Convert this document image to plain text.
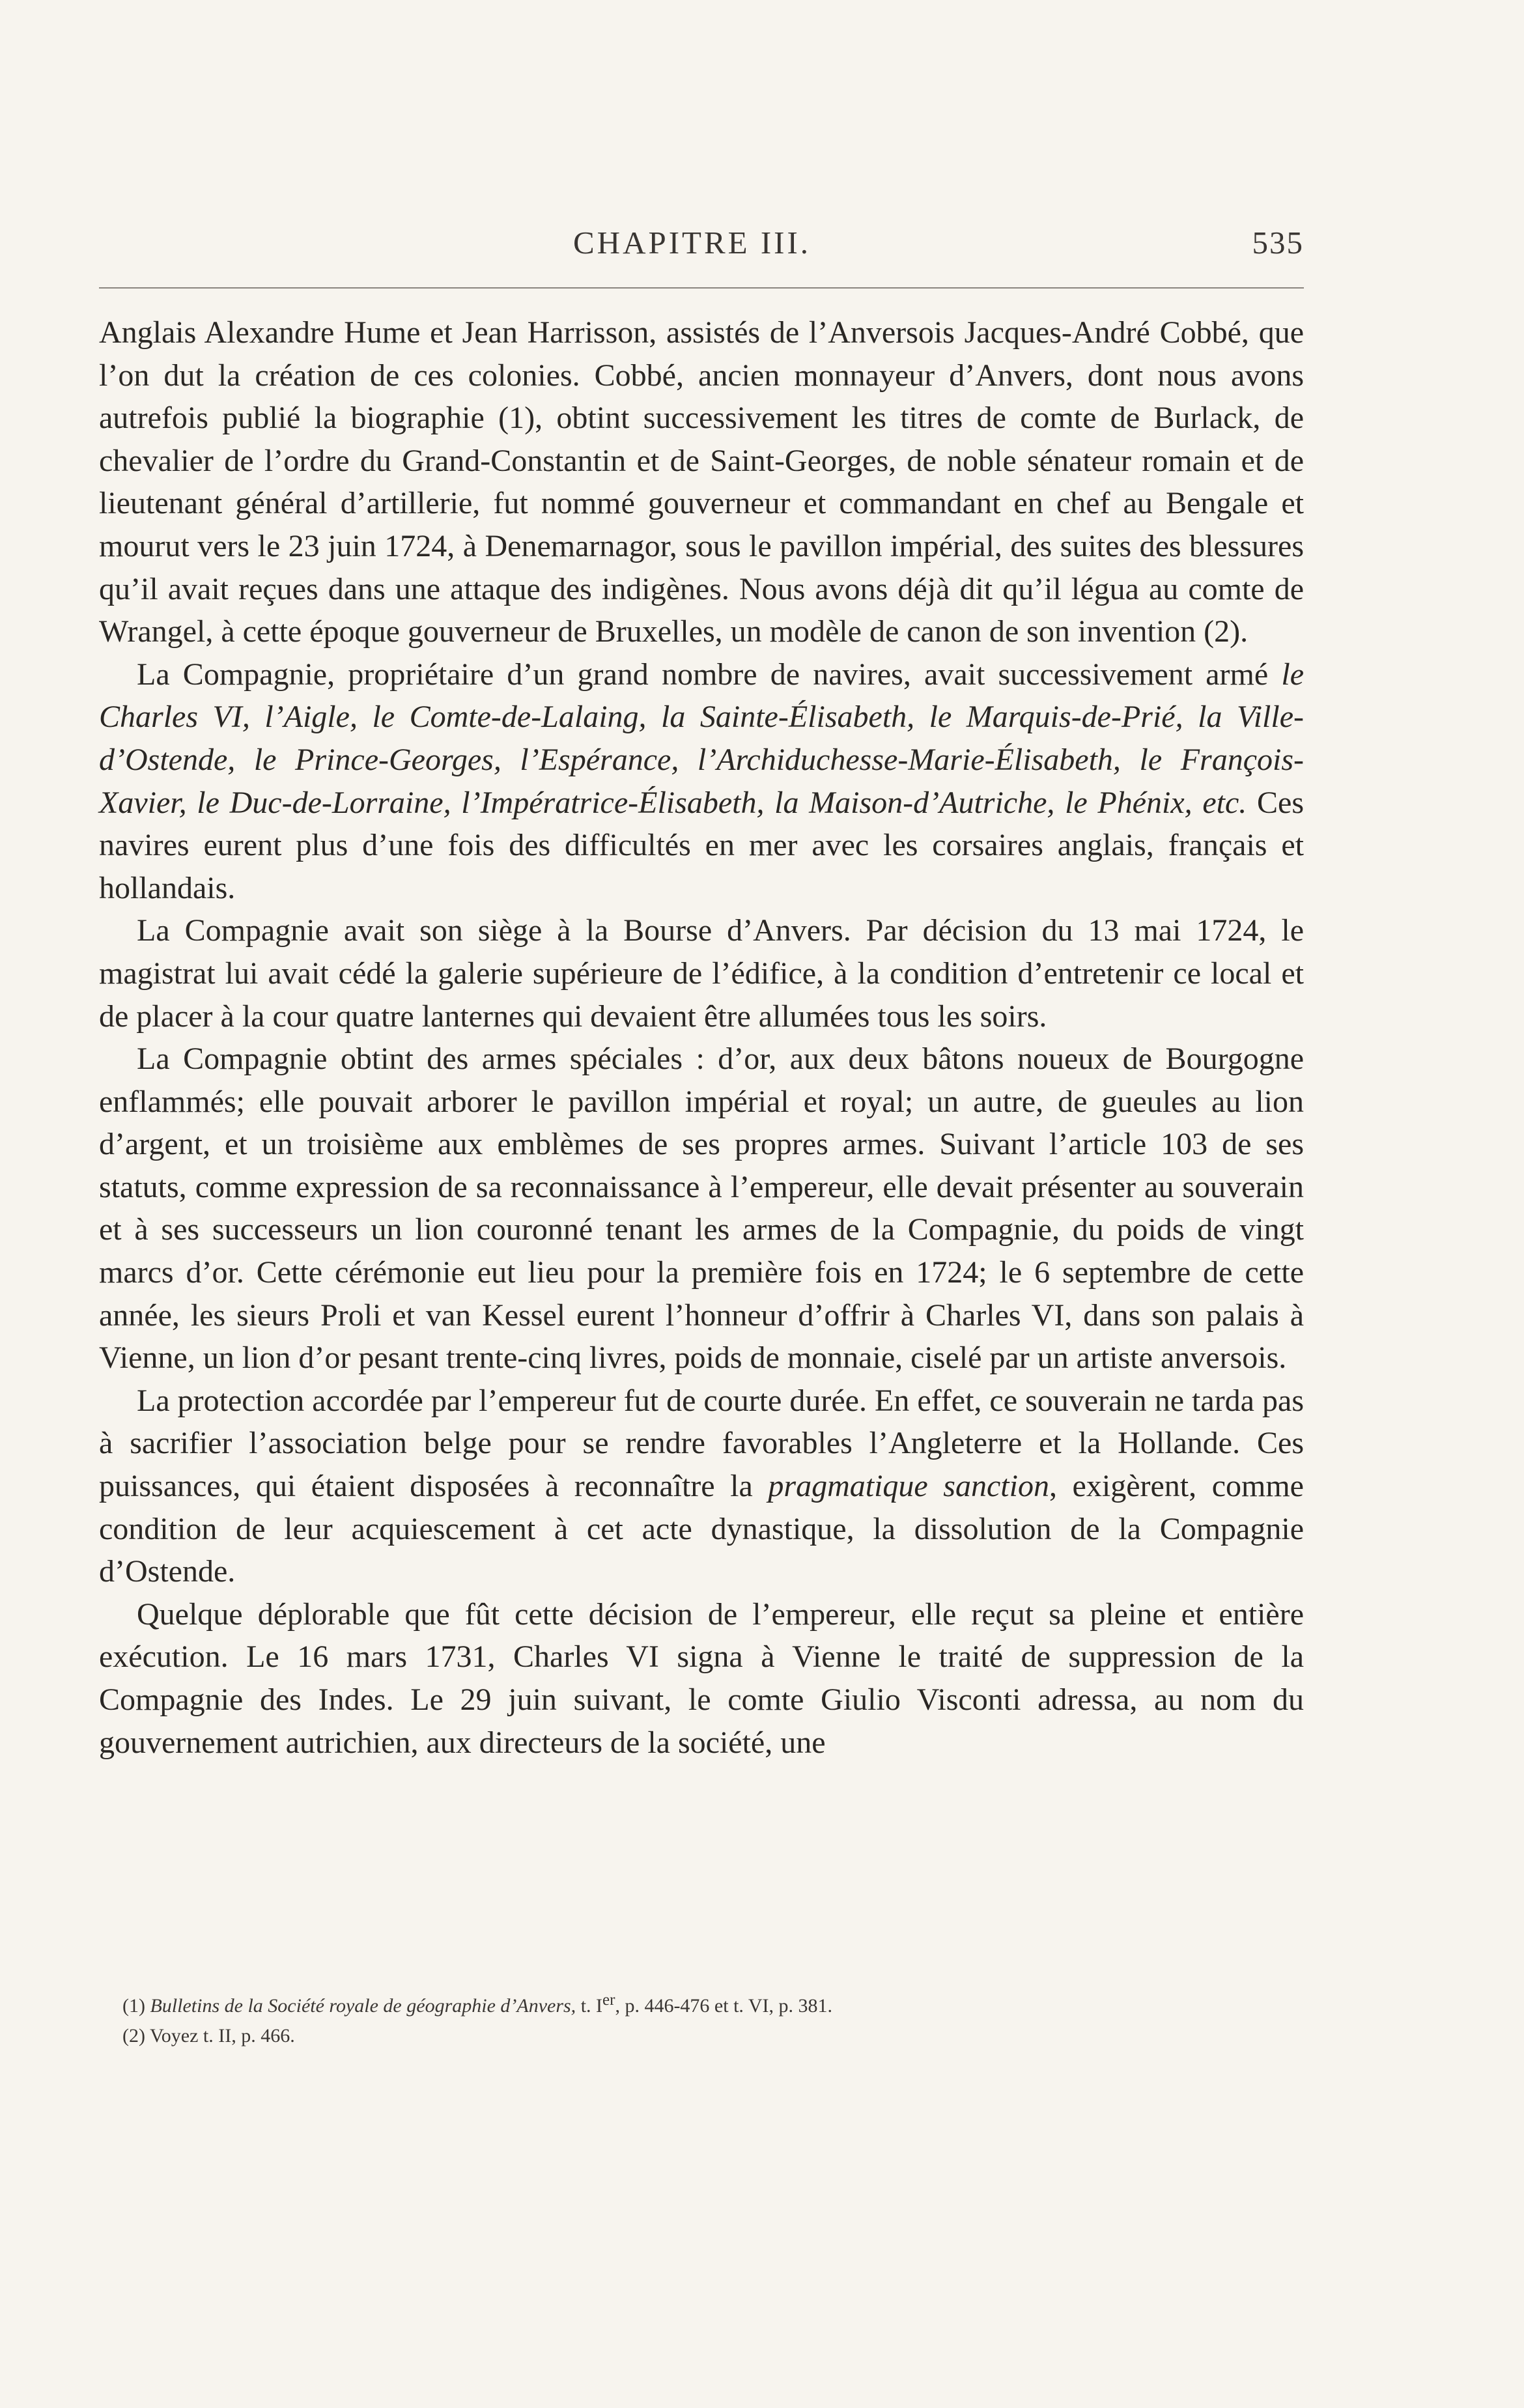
CHAPITRE III.	535

Anglais Alexandre Hume et Jean Harrisson, assistés de l’Anversois Jacques-André Cobbé, que l’on dut la création de ces colonies. Cobbé, ancien monnayeur d’Anvers, dont nous avons autrefois publié la biographie (1), obtint successivement les titres de comte de Burlack, de chevalier de l’ordre du Grand-Constantin et de Saint-Georges, de noble sénateur romain et de lieutenant général d’artillerie, fut nommé gouverneur et commandant en chef au Bengale et mourut vers le 23 juin 1724, à Denemarnagor, sous le pavillon impérial, des suites des blessures qu’il avait reçues dans une attaque des indigènes. Nous avons déjà dit qu’il légua au comte de Wrangel, à cette époque gouverneur de Bruxelles, un modèle de canon de son invention (2).

La Compagnie, propriétaire d’un grand nombre de navires, avait successivement armé le Charles VI, l’Aigle, le Comte-de-Lalaing, la Sainte-Élisabeth, le Marquis-de-Prié, la Ville-d’Ostende, le Prince-Georges, l’Espérance, l’Archiduchesse-Marie-Élisabeth, le François-Xavier, le Duc-de-Lorraine, l’Impératrice-Élisabeth, la Maison-d’Autriche, le Phénix, etc. Ces navires eurent plus d’une fois des difficultés en mer avec les corsaires anglais, français et hollandais.

La Compagnie avait son siège à la Bourse d’Anvers. Par décision du 13 mai 1724, le magistrat lui avait cédé la galerie supérieure de l’édifice, à la condition d’entretenir ce local et de placer à la cour quatre lanternes qui devaient être allumées tous les soirs.

La Compagnie obtint des armes spéciales : d’or, aux deux bâtons noueux de Bourgogne enflammés; elle pouvait arborer le pavillon impérial et royal; un autre, de gueules au lion d’argent, et un troisième aux emblèmes de ses propres armes. Suivant l’article 103 de ses statuts, comme expression de sa reconnaissance à l’empereur, elle devait présenter au souverain et à ses successeurs un lion couronné tenant les armes de la Compagnie, du poids de vingt marcs d’or. Cette cérémonie eut lieu pour la première fois en 1724; le 6 septembre de cette année, les sieurs Proli et van Kessel eurent l’honneur d’offrir à Charles VI, dans son palais à Vienne, un lion d’or pesant trente-cinq livres, poids de monnaie, ciselé par un artiste anversois.

La protection accordée par l’empereur fut de courte durée. En effet, ce souverain ne tarda pas à sacrifier l’association belge pour se rendre favorables l’Angleterre et la Hollande. Ces puissances, qui étaient disposées à reconnaître la pragmatique sanction, exigèrent, comme condition de leur acquiescement à cet acte dynastique, la dissolution de la Compagnie d’Ostende.

Quelque déplorable que fût cette décision de l’empereur, elle reçut sa pleine et entière exécution. Le 16 mars 1731, Charles VI signa à Vienne le traité de suppression de la Compagnie des Indes. Le 29 juin suivant, le comte Giulio Visconti adressa, au nom du gouvernement autrichien, aux directeurs de la société, une

(1) Bulletins de la Société royale de géographie d’Anvers, t. Ier, p. 446-476 et t. VI, p. 381.
(2) Voyez t. II, p. 466.
